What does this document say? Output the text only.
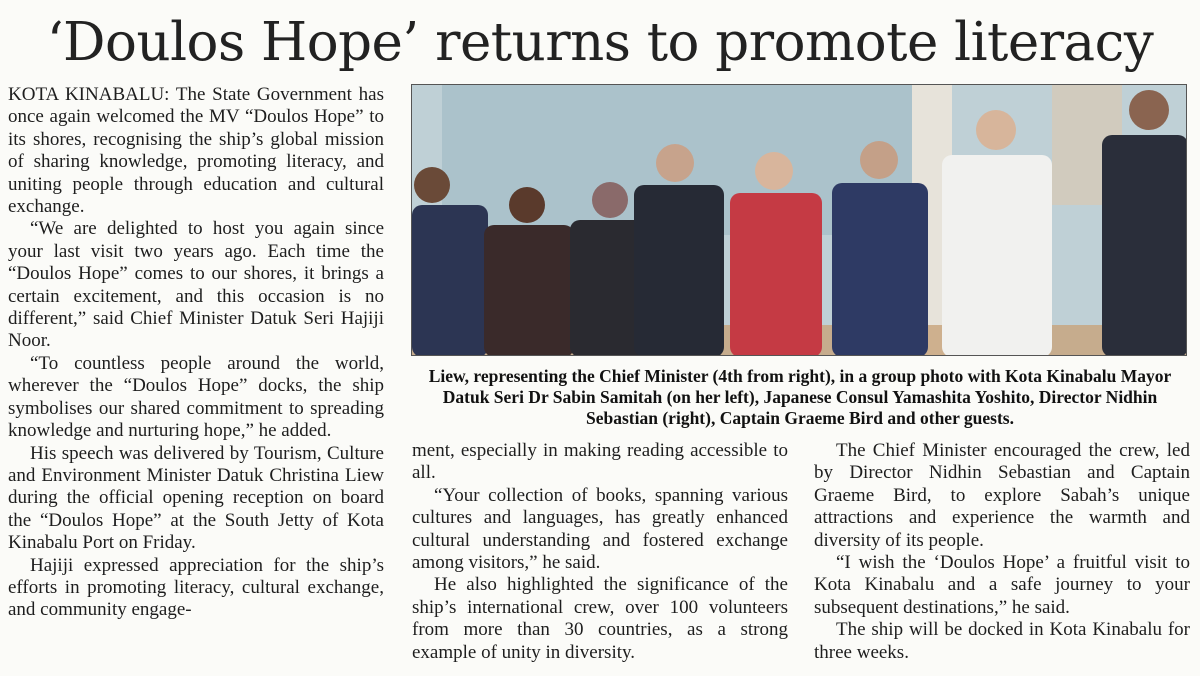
‘Doulos Hope’ returns to promote literacy

KOTA KINABALU: The State Government has once again welcomed the MV “Doulos Hope” to its shores, recognising the ship’s global mission of sharing knowledge, promoting literacy, and uniting people through education and cultural exchange.

“We are delighted to host you again since your last visit two years ago. Each time the “Doulos Hope” comes to our shores, it brings a certain excitement, and this occasion is no different,” said Chief Minister Datuk Seri Hajiji Noor.

“To countless people around the world, wherever the “Doulos Hope” docks, the ship symbolises our shared commitment to spreading knowledge and nurturing hope,” he added.

His speech was delivered by Tourism, Culture and Environment Minister Datuk Christina Liew during the official opening reception on board the “Doulos Hope” at the South Jetty of Kota Kinabalu Port on Friday.

Hajiji expressed appreciation for the ship’s efforts in promoting literacy, cultural exchange, and community engage-

Liew, representing the Chief Minister (4th from right), in a group photo with Kota Kinabalu Mayor Datuk Seri Dr Sabin Samitah (on her left), Japanese Consul Yamashita Yoshito, Director Nidhin Sebastian (right), Captain Graeme Bird and other guests.

ment, especially in making reading accessible to all.

“Your collection of books, spanning various cultures and languages, has greatly enhanced cultural understanding and fostered exchange among visitors,” he said.

He also highlighted the significance of the ship’s international crew, over 100 volunteers from more than 30 countries, as a strong example of unity in diversity.

The Chief Minister encouraged the crew, led by Director Nidhin Sebastian and Captain Graeme Bird, to explore Sabah’s unique attractions and experience the warmth and diversity of its people.

“I wish the ‘Doulos Hope’ a fruitful visit to Kota Kinabalu and a safe journey to your subsequent destinations,” he said.

The ship will be docked in Kota Kinabalu for three weeks.
